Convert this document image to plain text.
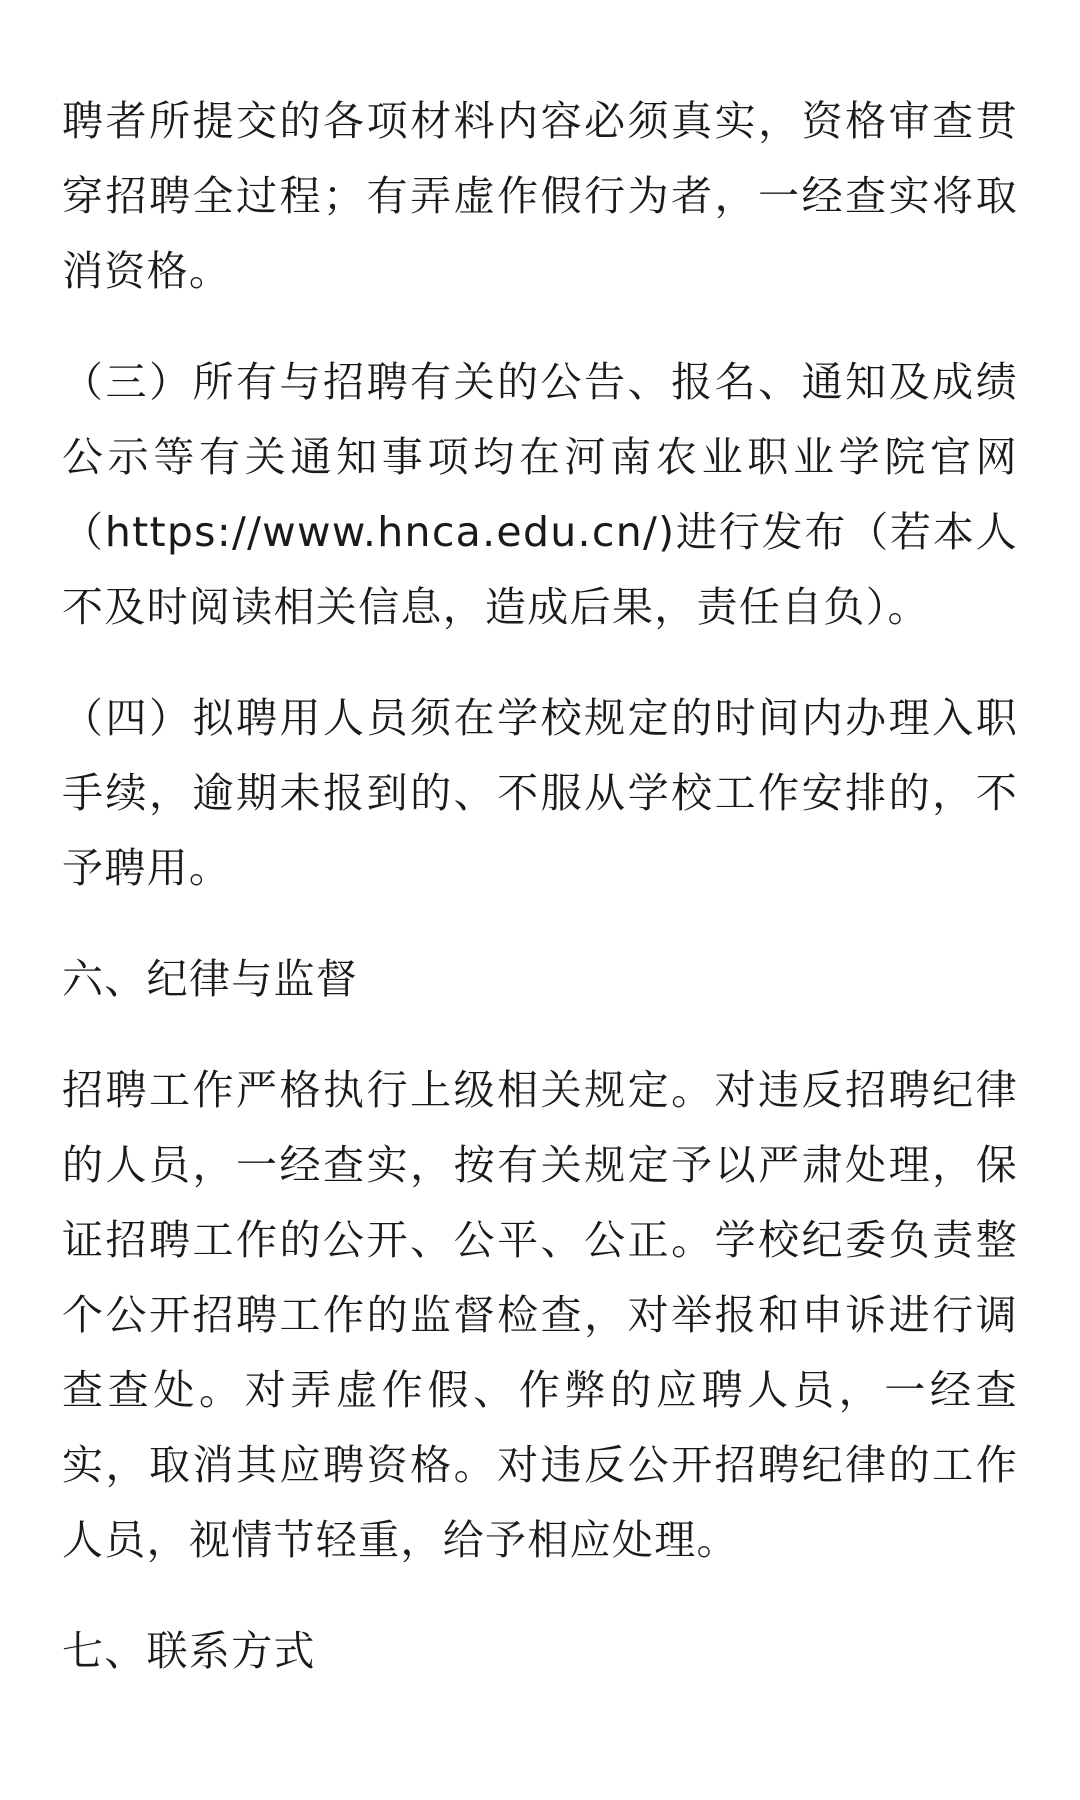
聘者所提交的各项材料内容必须真实，资格审查贯穿招聘全过程；有弄虚作假行为者，一经查实将取消资格。

（三）所有与招聘有关的公告、报名、通知及成绩公示等有关通知事项均在河南农业职业学院官网（https://www.hnca.edu.cn/)进行发布（若本人不及时阅读相关信息，造成后果，责任自负）。

（四）拟聘用人员须在学校规定的时间内办理入职手续，逾期未报到的、不服从学校工作安排的，不予聘用。

六、纪律与监督

招聘工作严格执行上级相关规定。对违反招聘纪律的人员，一经查实，按有关规定予以严肃处理，保证招聘工作的公开、公平、公正。学校纪委负责整个公开招聘工作的监督检查，对举报和申诉进行调查查处。对弄虚作假、作弊的应聘人员，一经查实，取消其应聘资格。对违反公开招聘纪律的工作人员，视情节轻重，给予相应处理。

七、联系方式
